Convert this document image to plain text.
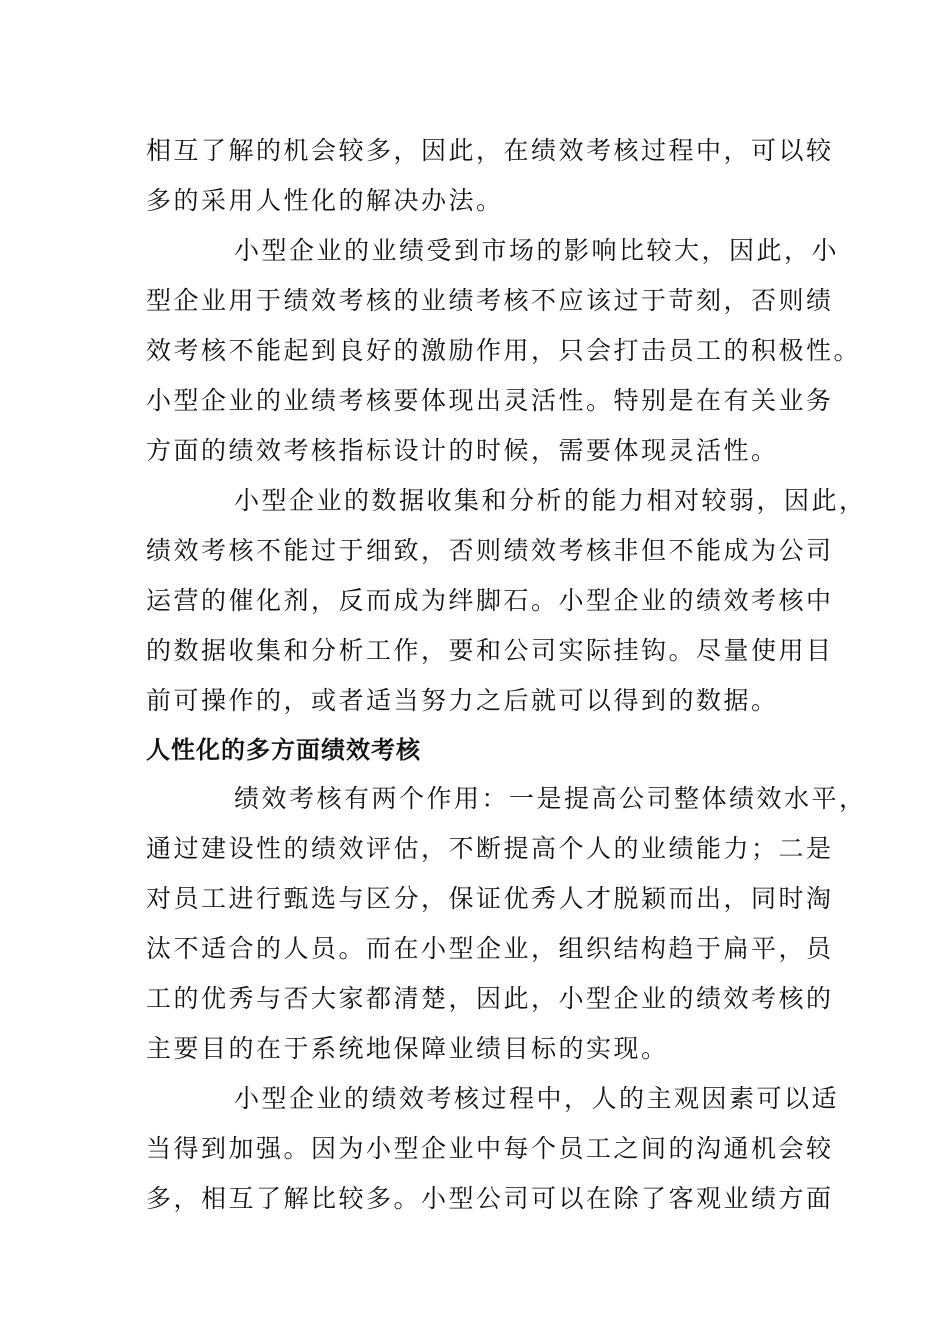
相互了解的机会较多，因此，在绩效考核过程中，可以较
多的采用人性化的解决办法。
小型企业的业绩受到市场的影响比较大，因此，小
型企业用于绩效考核的业绩考核不应该过于苛刻，否则绩
效考核不能起到良好的激励作用，只会打击员工的积极性。
小型企业的业绩考核要体现出灵活性。特别是在有关业务
方面的绩效考核指标设计的时候，需要体现灵活性。
小型企业的数据收集和分析的能力相对较弱，因此，
绩效考核不能过于细致，否则绩效考核非但不能成为公司
运营的催化剂，反而成为绊脚石。小型企业的绩效考核中
的数据收集和分析工作，要和公司实际挂钩。尽量使用目
前可操作的，或者适当努力之后就可以得到的数据。
人性化的多方面绩效考核
绩效考核有两个作用：一是提高公司整体绩效水平，
通过建设性的绩效评估，不断提高个人的业绩能力；二是
对员工进行甄选与区分，保证优秀人才脱颖而出，同时淘
汰不适合的人员。而在小型企业，组织结构趋于扁平，员
工的优秀与否大家都清楚，因此，小型企业的绩效考核的
主要目的在于系统地保障业绩目标的实现。
小型企业的绩效考核过程中，人的主观因素可以适
当得到加强。因为小型企业中每个员工之间的沟通机会较
多，相互了解比较多。小型公司可以在除了客观业绩方面
